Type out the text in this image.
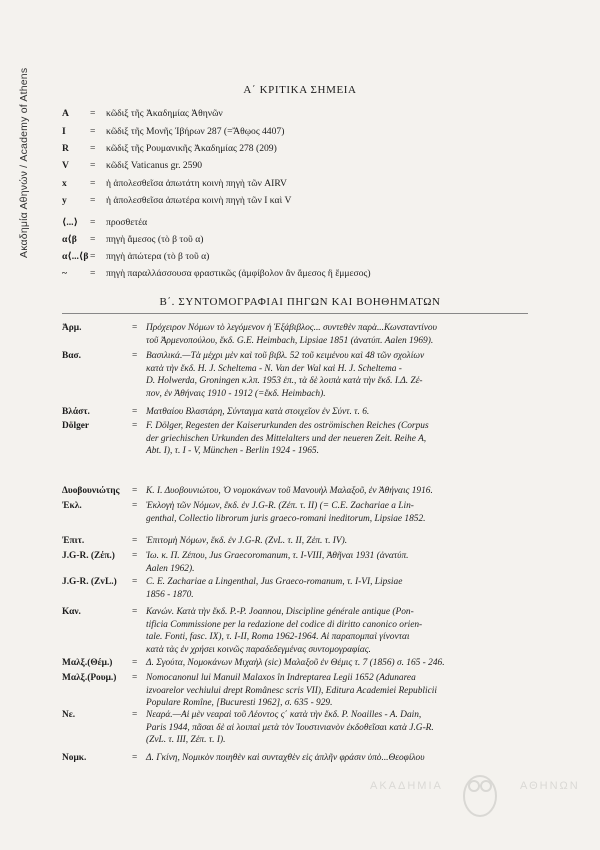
Ακαδημία Αθηνών / Academy of Athens	Α΄ ΚΡΙΤΙΚΑ ΣΗΜΕΙΑ
A = κῶδιξ τῆς Ἀκαδημίας Ἀθηνῶν
I	= κῶδιξ τῆς Μονῆς Ἰβήρων 287 (=Ἄθῳος 4407)
R = κῶδιξ τῆς Ρουμανικῆς Ἀκαδημίας 278 (209)
V = κῶδιξ Vaticanus gr. 2590
x = ἡ ἀπολεσθεῖσα ἀπωτάτη κοινὴ πηγὴ τῶν AIRV
y = ἡ ἀπολεσθεῖσα ἀπωτέρα κοινὴ πηγὴ τῶν I καὶ V
⟨...⟩ = προσθετέα
α⟨β = πηγὴ ἄμεσος (τὸ β τοῦ α)
α⟨...⟨β = πηγὴ ἀπώτερα (τὸ β τοῦ α)
~ = πηγὴ παραλλάσσουσα φραστικῶς (ἀμφίβολον ἂν ἄμεσος ἢ ἔμμεσος)
Β΄. ΣΥΝΤΟΜΟΓΡΑΦΙΑΙ ΠΗΓΩΝ ΚΑΙ ΒΟΗΘΗΜΑΤΩΝ
Ἁρμ.	= Πρόχειρον Νόμων τὸ λεγόμενον ἡ Ἑξάβιβλος... συντεθὲν παρὰ...Κωνσταντίνου
τοῦ Ἀρμενοπούλου, ἔκδ. G.E. Heimbach, Lipsiae 1851 (ἀνατύπ. Aalen 1969).
Βασ.	= Βασιλικά.—Τὰ μέχρι μὲν καὶ τοῦ βιβλ. 52 τοῦ κειμένου καὶ 48 τῶν σχολίων
κατὰ τὴν ἔκδ. H. J. Scheltema - N. Van der Wal καὶ H. J. Scheltema -
D. Holwerda, Groningen κ.λπ. 1953 ἑπ., τὰ δὲ λοιπὰ κατὰ τὴν ἔκδ. Ι.Δ. Ζέ-
πον, ἐν Ἀθήναις 1910 - 1912 (=ἔκδ. Heimbach).
Βλάστ.	= Ματθαίου Βλαστάρη, Σύνταγμα κατὰ στοιχεῖον ἐν Σύντ. τ. 6.
Dölger	= F. Dölger, Regesten der Kaiserurkunden des oströmischen Reiches (Corpus
der griechischen Urkunden des Mittelalters und der neueren Zeit. Reihe A,
Abt. I), τ. I - V, München - Berlin 1924 - 1965.
Δυοβουνιώτης	= Κ. Ι. Δυοβουνιώτου, Ὁ νομοκάνων τοῦ Μανουὴλ Μαλαξοῦ, ἐν Ἀθήναις 1916.
Ἐκλ.	= Ἐκλογὴ τῶν Νόμων, ἔκδ. ἐν J.G-R. (Ζέπ. τ. II) (= C.E. Zachariae a Lin-
genthal, Collectio librorum juris graeco-romani ineditorum, Lipsiae 1852.
Ἐπιτ.	= Ἐπιτομὴ Νόμων, ἔκδ. ἐν J.G-R. (ZvL. τ. II, Ζέπ. τ. IV).
J.G-R. (Ζέπ.)	= Ἰω. κ. Π. Ζέπου, Jus Graecoromanum, τ. I-VIII, Ἀθῆναι 1931 (ἀνατύπ.
Aalen 1962).
J.G-R. (ZvL.)	= C. E. Zachariae a Lingenthal, Jus Graeco-romanum, τ. I-VI, Lipsiae
1856 - 1870.
Καν.	= Κανών. Κατὰ τὴν ἔκδ. P.-P. Joannou, Discipline générale antique (Pon-
tificia Commissione per la redazione del codice di diritto canonico orien-
tale. Fonti, fasc. IX), τ. I-II, Roma 1962-1964. Αἱ παραπομπαὶ γίνονται
κατὰ τὰς ἐν χρήσει κοινῶς παραδεδεγμένας συντομογραφίας.
Μαλξ.(Θέμ.)	= Δ. Σγούτα, Νομοκάνων Μιχαὴλ (sic) Μαλαξοῦ ἐν Θέμις τ. 7 (1856) σ. 165 - 246.
Μαλξ.(Ρουμ.)	= Nomocanonul lui Manuil Malaxos în Indreptarea Legii 1652 (Adunarea
izvoarelor vechiului drept Românesc scris VII), Editura Academiei Republicii
Populare Romîne, [Bucuresti 1962], σ. 635 - 929.
Νε.	= Νεαρά.—Αἱ μὲν νεαραὶ τοῦ Λέοντος ς΄ κατὰ τὴν ἔκδ. P. Noailles - A. Dain,
Paris 1944, πᾶσαι δὲ αἱ λοιπαὶ μετὰ τὸν Ἰουστινιανὸν ἐκδοθεῖσαι κατὰ J.G-R.
(ZvL. τ. III, Ζέπ. τ. I).
Νομκ.	= Δ. Γκίνη, Νομικὸν ποιηθὲν καὶ συνταχθὲν εἰς ἁπλῆν φράσιν ὑπὸ...Θεοφίλου
ΑΚΑΔΗΜΙΑ	ΑΘΗΝΩΝ
